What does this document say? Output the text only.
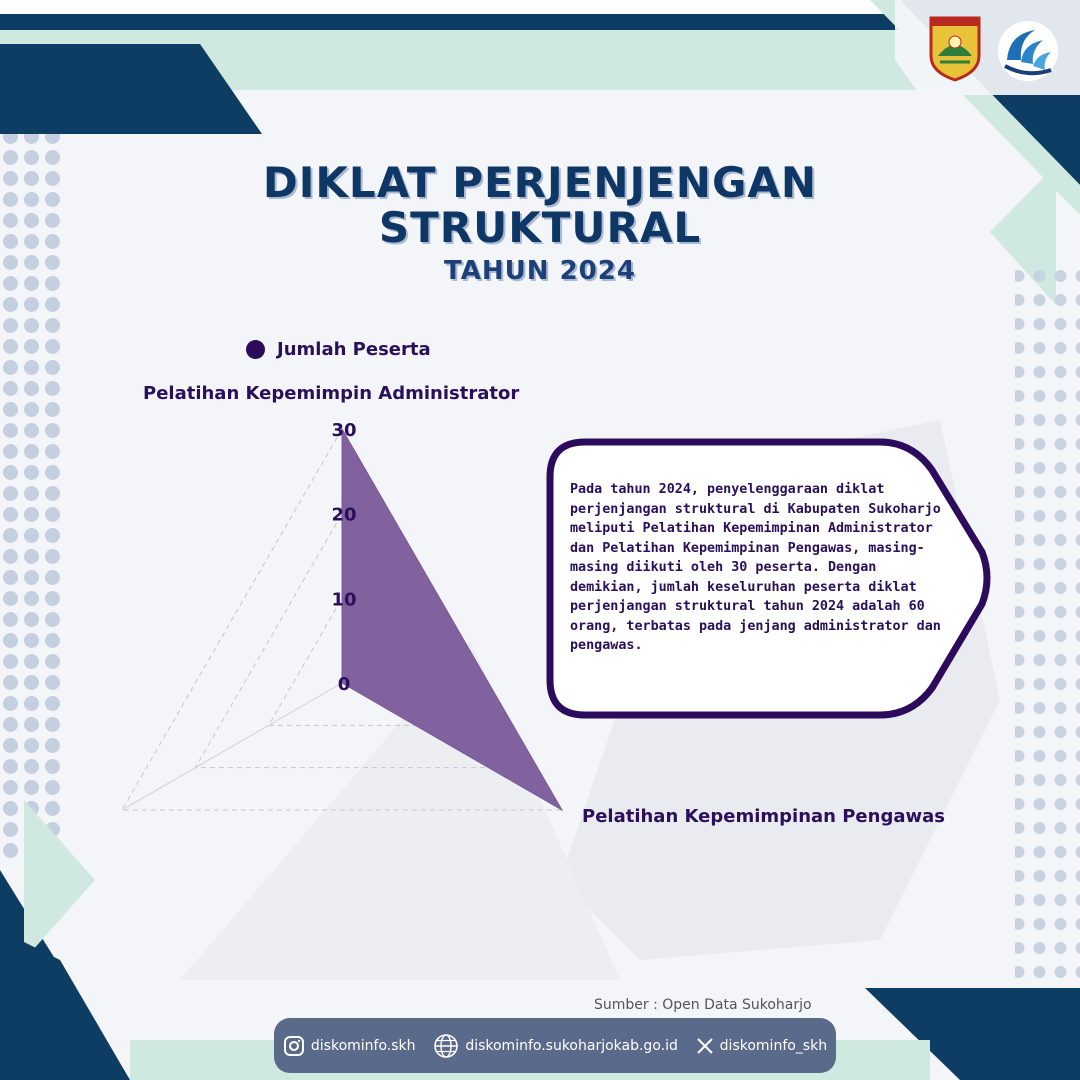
DIKLAT PERJENJENGAN
STRUKTURAL
TAHUN 2024
Jumlah Peserta
Pelatihan Kepemimpin Administrator
Pelatihan Kepemimpinan Pengawas
0
10
20
30
Pada tahun 2024, penyelenggaraan diklat perjenjangan struktural di Kabupaten Sukoharjo meliputi Pelatihan Kepemimpinan Administrator dan Pelatihan Kepemimpinan Pengawas, masing-masing diikuti oleh 30 peserta. Dengan demikian, jumlah keseluruhan peserta diklat perjenjangan struktural tahun 2024 adalah 60 orang, terbatas pada jenjang administrator dan pengawas.
Sumber : Open Data Sukoharjo
diskominfo.skh	diskominfo.sukoharjokab.go.id	diskominfo_skh
